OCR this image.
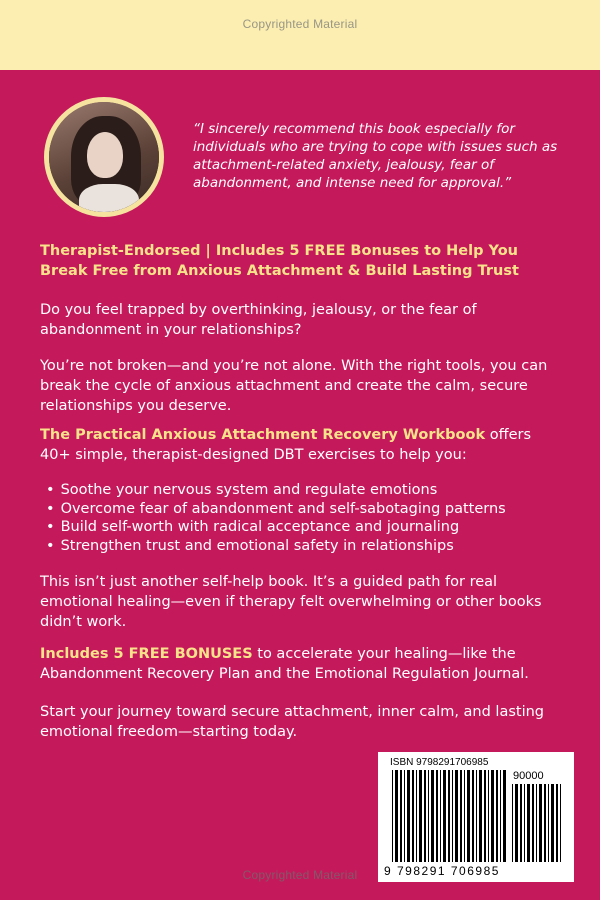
Copyrighted Material
“I sincerely recommend this book especially for individuals who are trying to cope with issues such as attachment-related anxiety, jealousy, fear of abandonment, and intense need for approval.”
Therapist-Endorsed | Includes 5 FREE Bonuses to Help You Break Free from Anxious Attachment & Build Lasting Trust
Do you feel trapped by overthinking, jealousy, or the fear of abandonment in your relationships?
You’re not broken—and you’re not alone. With the right tools, you can break the cycle of anxious attachment and create the calm, secure relationships you deserve.
The Practical Anxious Attachment Recovery Workbook offers 40+ simple, therapist-designed DBT exercises to help you:
• Soothe your nervous system and regulate emotions
• Overcome fear of abandonment and self-sabotaging patterns
• Build self-worth with radical acceptance and journaling
• Strengthen trust and emotional safety in relationships
This isn’t just another self-help book. It’s a guided path for real emotional healing—even if therapy felt overwhelming or other books didn’t work.
Includes 5 FREE BONUSES to accelerate your healing—like the Abandonment Recovery Plan and the Emotional Regulation Journal.
Start your journey toward secure attachment, inner calm, and lasting emotional freedom—starting today.
ISBN 9798291706985
90000
9 798291 706985
Copyrighted Material
